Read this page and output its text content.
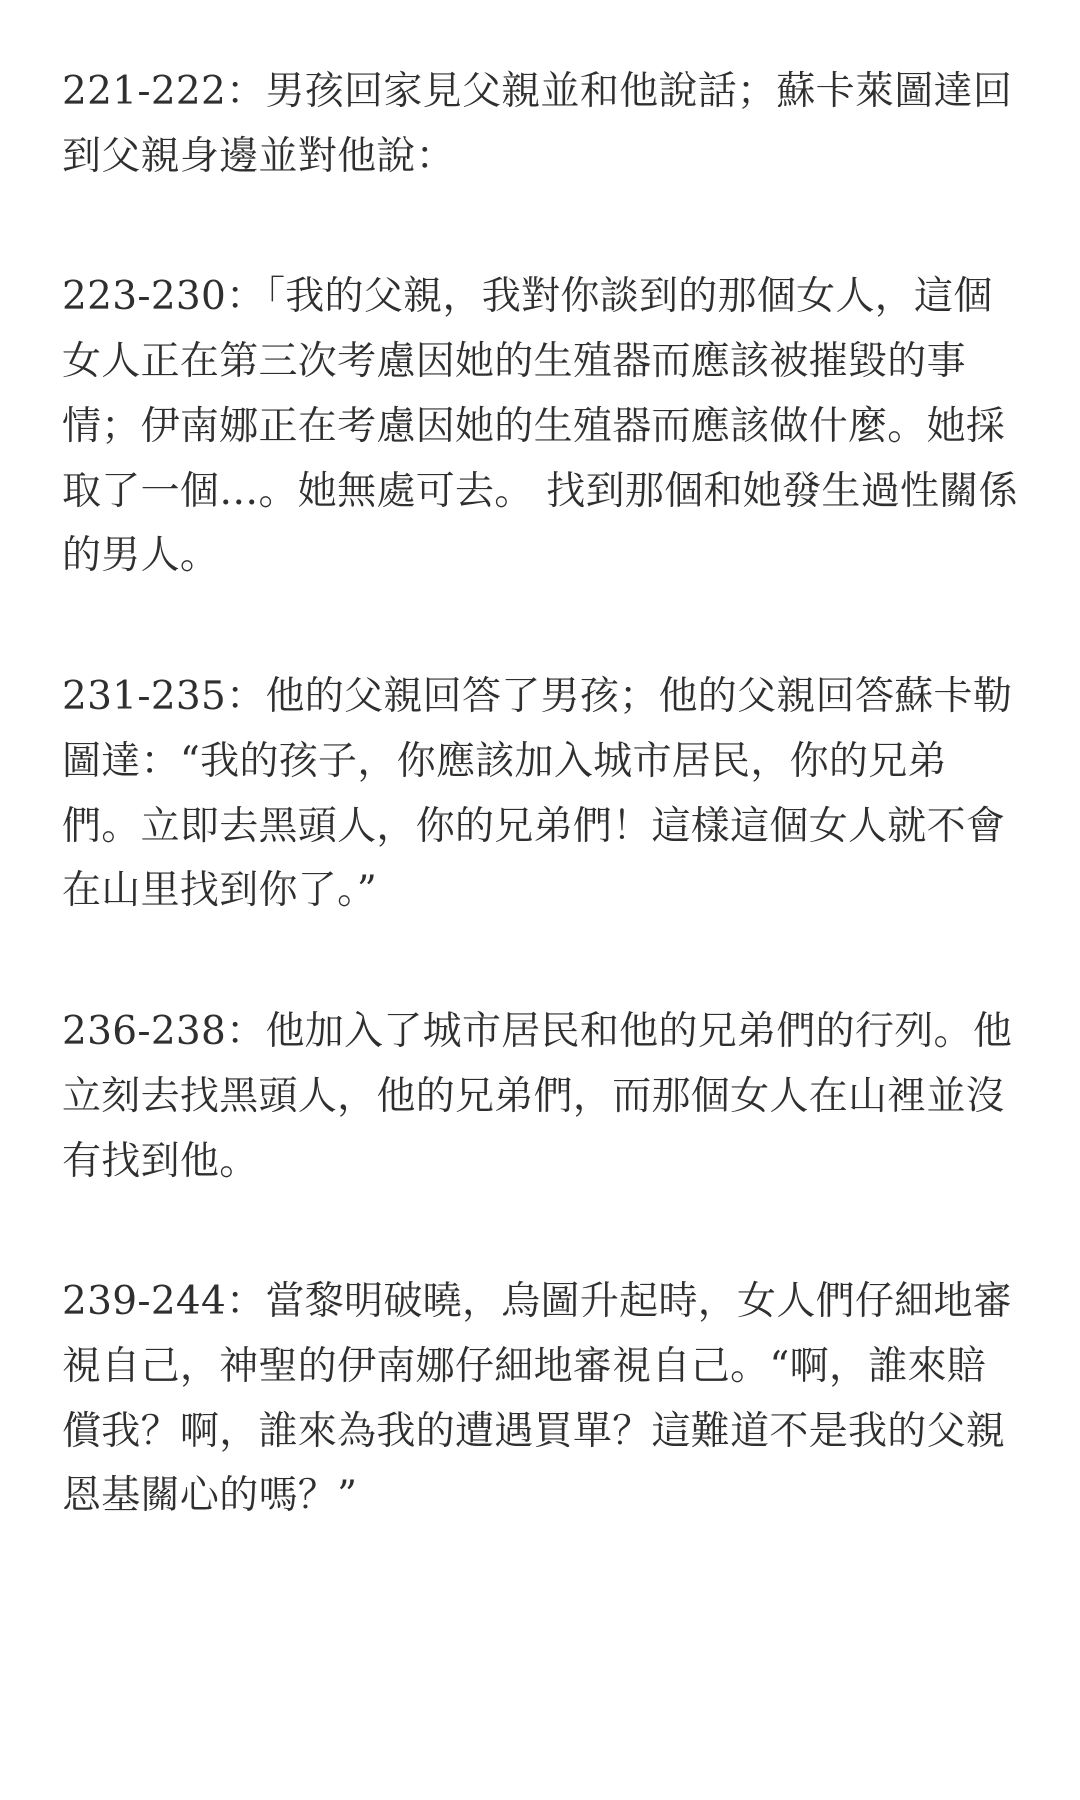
221-222：男孩回家見父親並和他說話；蘇卡萊圖達回到父親身邊並對他說：

223-230：「我的父親，我對你談到的那個女人，這個女人正在第三次考慮因她的生殖器而應該被摧毀的事情；伊南娜正在考慮因她的生殖器而應該做什麼。她採取了一個…。她無處可去。 找到那個和她發生過性關係的男人。

231-235：他的父親回答了男孩；他的父親回答蘇卡勒圖達：“我的孩子，你應該加入城市居民，你的兄弟們。立即去黑頭人，你的兄弟們！這樣這個女人就不會在山里找到你了。”

236-238：他加入了城市居民和他的兄弟們的行列。他立刻去找黑頭人，他的兄弟們，而那個女人在山裡並沒有找到他。

239-244：當黎明破曉，烏圖升起時，女人們仔細地審視自己，神聖的伊南娜仔細地審視自己。“啊，誰來賠償我？啊，誰來為我的遭遇買單？這難道不是我的父親恩基關心的嗎？”
